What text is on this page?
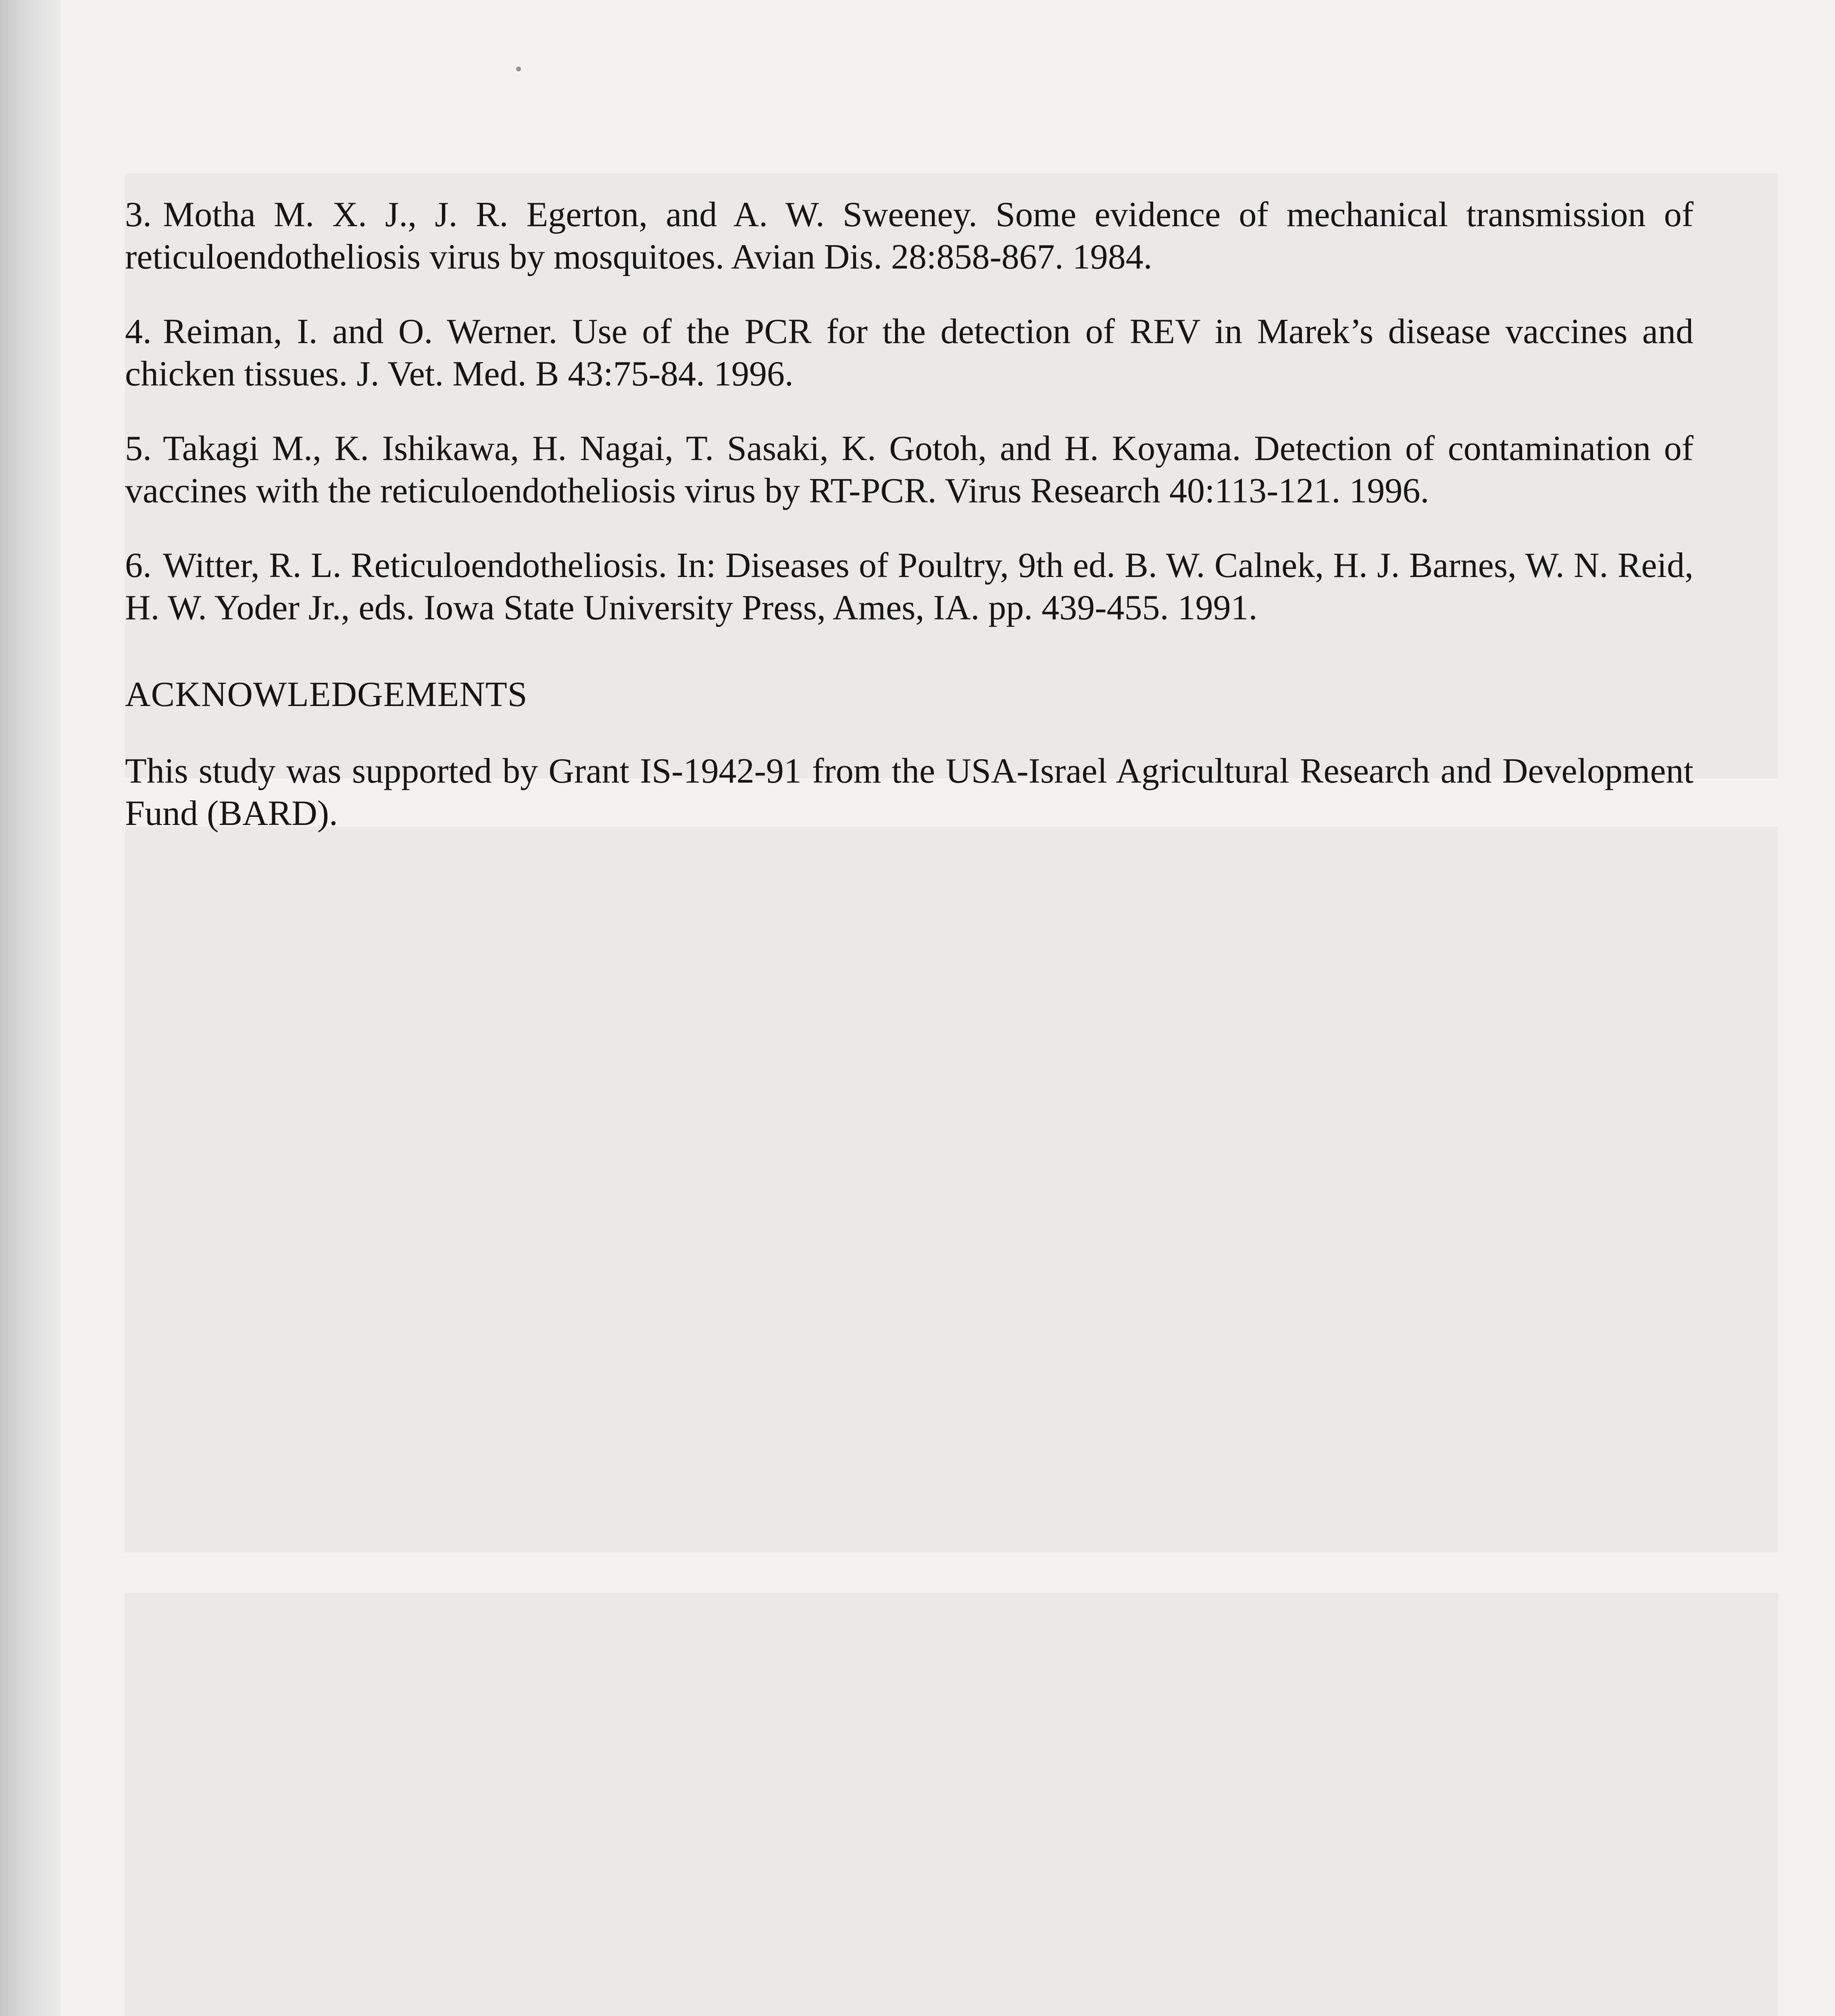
3. Motha M. X. J., J. R. Egerton, and A. W. Sweeney. Some evidence of mechanical transmission of reticuloendotheliosis virus by mosquitoes. Avian Dis. 28:858-867. 1984.

4. Reiman, I. and O. Werner. Use of the PCR for the detection of REV in Marek’s disease vaccines and chicken tissues. J. Vet. Med. B 43:75-84. 1996.

5. Takagi M., K. Ishikawa, H. Nagai, T. Sasaki, K. Gotoh, and H. Koyama. Detection of contamination of vaccines with the reticuloendotheliosis virus by RT-PCR. Virus Research 40:113-121. 1996.

6. Witter, R. L. Reticuloendotheliosis. In: Diseases of Poultry, 9th ed. B. W. Calnek, H. J. Barnes, W. N. Reid, H. W. Yoder Jr., eds. Iowa State University Press, Ames, IA. pp. 439-455. 1991.

ACKNOWLEDGEMENTS

This study was supported by Grant IS-1942-91 from the USA-Israel Agricultural Research and Development Fund (BARD).
